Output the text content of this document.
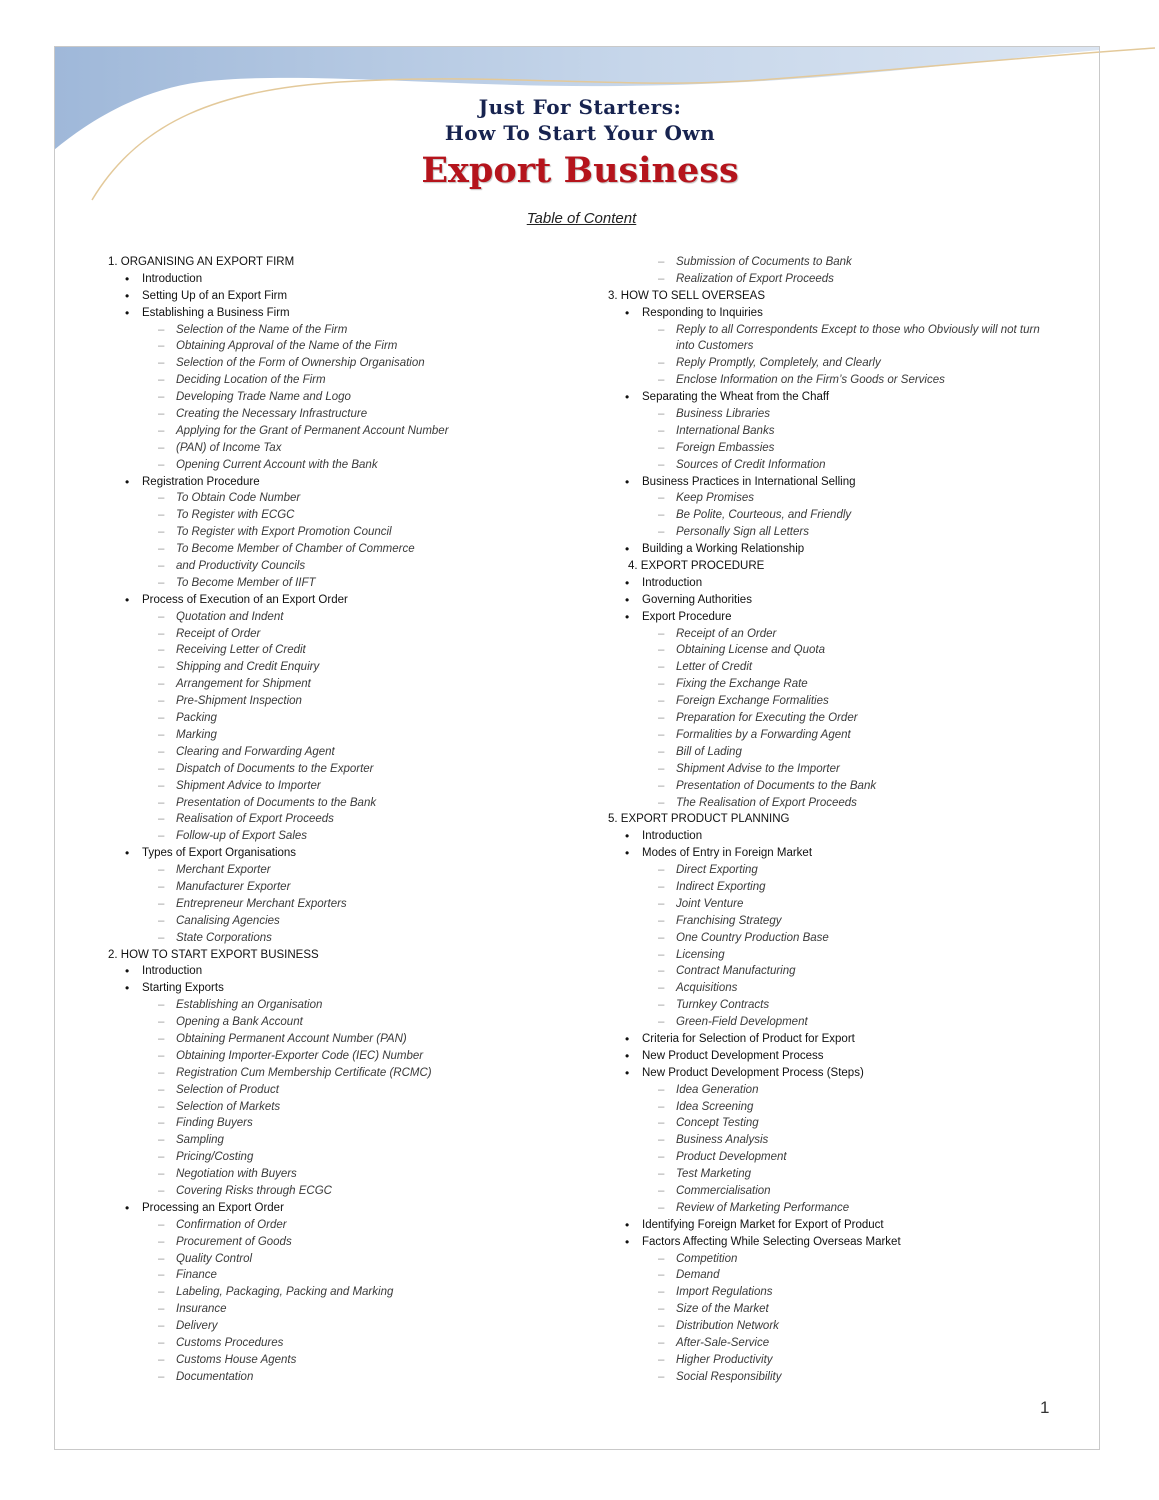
Just For Starters:
How To Start Your Own
Export Business
Table of Content
1. ORGANISING AN EXPORT FIRM
• Introduction
• Setting Up of an Export Firm
• Establishing a Business Firm
– Selection of the Name of the Firm
– Obtaining Approval of the Name of the Firm
– Selection of the Form of Ownership Organisation
– Deciding Location of the Firm
– Developing Trade Name and Logo
– Creating the Necessary Infrastructure
– Applying for the Grant of Permanent Account Number
– (PAN) of Income Tax
– Opening Current Account with the Bank
• Registration Procedure
– To Obtain Code Number
– To Register with ECGC
– To Register with Export Promotion Council
– To Become Member of Chamber of Commerce
– and Productivity Councils
– To Become Member of IIFT
• Process of Execution of an Export Order
– Quotation and Indent
– Receipt of Order
– Receiving Letter of Credit
– Shipping and Credit Enquiry
– Arrangement for Shipment
– Pre-Shipment Inspection
– Packing
– Marking
– Clearing and Forwarding Agent
– Dispatch of Documents to the Exporter
– Shipment Advice to Importer
– Presentation of Documents to the Bank
– Realisation of Export Proceeds
– Follow-up of Export Sales
• Types of Export Organisations
– Merchant Exporter
– Manufacturer Exporter
– Entrepreneur Merchant Exporters
– Canalising Agencies
– State Corporations
2. HOW TO START EXPORT BUSINESS
• Introduction
• Starting Exports
– Establishing an Organisation
– Opening a Bank Account
– Obtaining Permanent Account Number (PAN)
– Obtaining Importer-Exporter Code (IEC) Number
– Registration Cum Membership Certificate (RCMC)
– Selection of Product
– Selection of Markets
– Finding Buyers
– Sampling
– Pricing/Costing
– Negotiation with Buyers
– Covering Risks through ECGC
• Processing an Export Order
– Confirmation of Order
– Procurement of Goods
– Quality Control
– Finance
– Labeling, Packaging, Packing and Marking
– Insurance
– Delivery
– Customs Procedures
– Customs House Agents
– Documentation
– Submission of Cocuments to Bank
– Realization of Export Proceeds
3. HOW TO SELL OVERSEAS
• Responding to Inquiries
– Reply to all Correspondents Except to those who Obviously will not turn
into Customers
– Reply Promptly, Completely, and Clearly
– Enclose Information on the Firm’s Goods or Services
• Separating the Wheat from the Chaff
– Business Libraries
– International Banks
– Foreign Embassies
– Sources of Credit Information
• Business Practices in International Selling
– Keep Promises
– Be Polite, Courteous, and Friendly
– Personally Sign all Letters
• Building a Working Relationship
4. EXPORT PROCEDURE
• Introduction
• Governing Authorities
• Export Procedure
– Receipt of an Order
– Obtaining License and Quota
– Letter of Credit
– Fixing the Exchange Rate
– Foreign Exchange Formalities
– Preparation for Executing the Order
– Formalities by a Forwarding Agent
– Bill of Lading
– Shipment Advise to the Importer
– Presentation of Documents to the Bank
– The Realisation of Export Proceeds
5. EXPORT PRODUCT PLANNING
• Introduction
• Modes of Entry in Foreign Market
– Direct Exporting
– Indirect Exporting
– Joint Venture
– Franchising Strategy
– One Country Production Base
– Licensing
– Contract Manufacturing
– Acquisitions
– Turnkey Contracts
– Green-Field Development
• Criteria for Selection of Product for Export
• New Product Development Process
• New Product Development Process (Steps)
– Idea Generation
– Idea Screening
– Concept Testing
– Business Analysis
– Product Development
– Test Marketing
– Commercialisation
– Review of Marketing Performance
• Identifying Foreign Market for Export of Product
• Factors Affecting While Selecting Overseas Market
– Competition
– Demand
– Import Regulations
– Size of the Market
– Distribution Network
– After-Sale-Service
– Higher Productivity
– Social Responsibility
1
